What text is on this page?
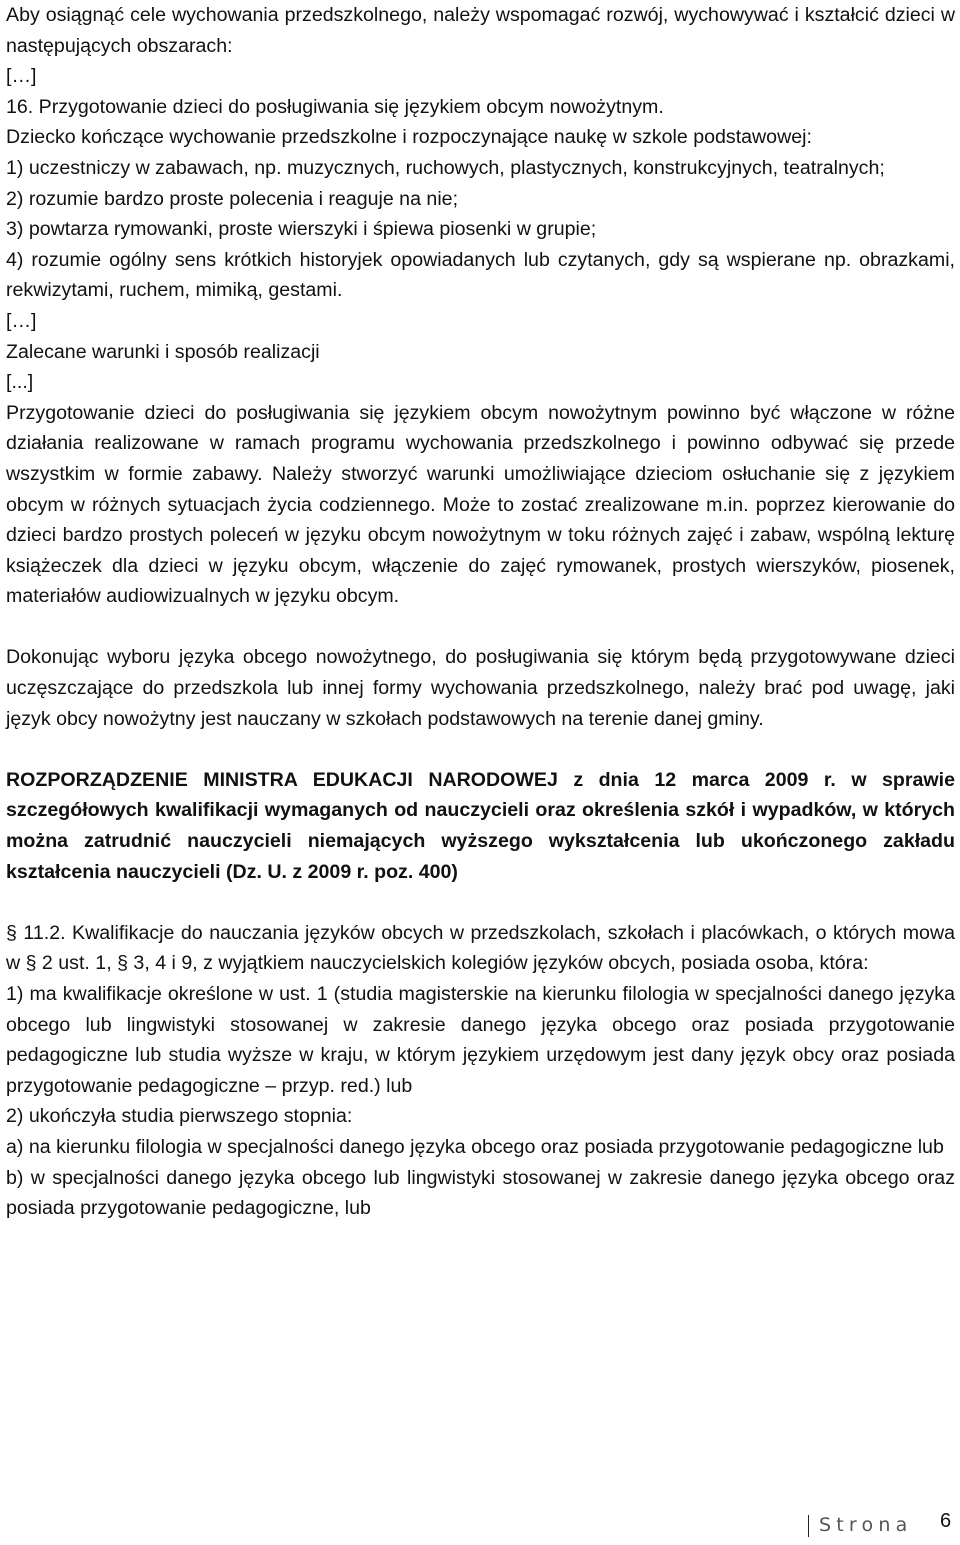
Aby osiągnąć cele wychowania przedszkolnego, należy wspomagać rozwój, wychowywać i kształcić dzieci w następujących obszarach:

[…]

16. Przygotowanie dzieci do posługiwania się językiem obcym nowożytnym.

Dziecko kończące wychowanie przedszkolne i rozpoczynające naukę w szkole podstawowej:

1) uczestniczy w zabawach, np. muzycznych, ruchowych, plastycznych, konstrukcyjnych, teatralnych;

2) rozumie bardzo proste polecenia i reaguje na nie;

3) powtarza rymowanki, proste wierszyki i śpiewa piosenki w grupie;

4) rozumie ogólny sens krótkich historyjek opowiadanych lub czytanych, gdy są wspierane np. obrazkami, rekwizytami, ruchem, mimiką, gestami.

[…]

Zalecane warunki i sposób realizacji

[...]

Przygotowanie dzieci do posługiwania się językiem obcym nowożytnym powinno być włączone w różne działania realizowane w ramach programu wychowania przedszkolnego i powinno odbywać się przede wszystkim w formie zabawy. Należy stworzyć warunki umożliwiające dzieciom osłuchanie się z językiem obcym w różnych sytuacjach życia codziennego. Może to zostać zrealizowane m.in. poprzez kierowanie do dzieci bardzo prostych poleceń w języku obcym nowożytnym w toku różnych zajęć i zabaw, wspólną lekturę książeczek dla dzieci w języku obcym, włączenie do zajęć rymowanek, prostych wierszyków, piosenek, materiałów audiowizualnych w języku obcym.

Dokonując wyboru języka obcego nowożytnego, do posługiwania się którym będą przygotowywane dzieci uczęszczające do przedszkola lub innej formy wychowania przedszkolnego, należy brać pod uwagę, jaki język obcy nowożytny jest nauczany w szkołach podstawowych na terenie danej gminy.

ROZPORZĄDZENIE MINISTRA EDUKACJI NARODOWEJ z dnia 12 marca 2009 r. w sprawie szczegółowych kwalifikacji wymaganych od nauczycieli oraz określenia szkół i wypadków, w których można zatrudnić nauczycieli niemających wyższego wykształcenia lub ukończonego zakładu kształcenia nauczycieli (Dz. U. z 2009 r. poz. 400)

§ 11.2. Kwalifikacje do nauczania języków obcych w przedszkolach, szkołach i placówkach, o których mowa w § 2 ust. 1, § 3, 4 i 9, z wyjątkiem nauczycielskich kolegiów języków obcych, posiada osoba, która:

1) ma kwalifikacje określone w ust. 1 (studia magisterskie na kierunku filologia w specjalności danego języka obcego lub lingwistyki stosowanej w zakresie danego języka obcego oraz posiada przygotowanie pedagogiczne lub studia wyższe w kraju, w którym językiem urzędowym jest dany język obcy oraz posiada przygotowanie pedagogiczne – przyp. red.) lub

2) ukończyła studia pierwszego stopnia:

a) na kierunku filologia w specjalności danego języka obcego oraz posiada przygotowanie pedagogiczne lub

b) w specjalności danego języka obcego lub lingwistyki stosowanej w zakresie danego języka obcego oraz posiada przygotowanie pedagogiczne, lub

Strona 6
